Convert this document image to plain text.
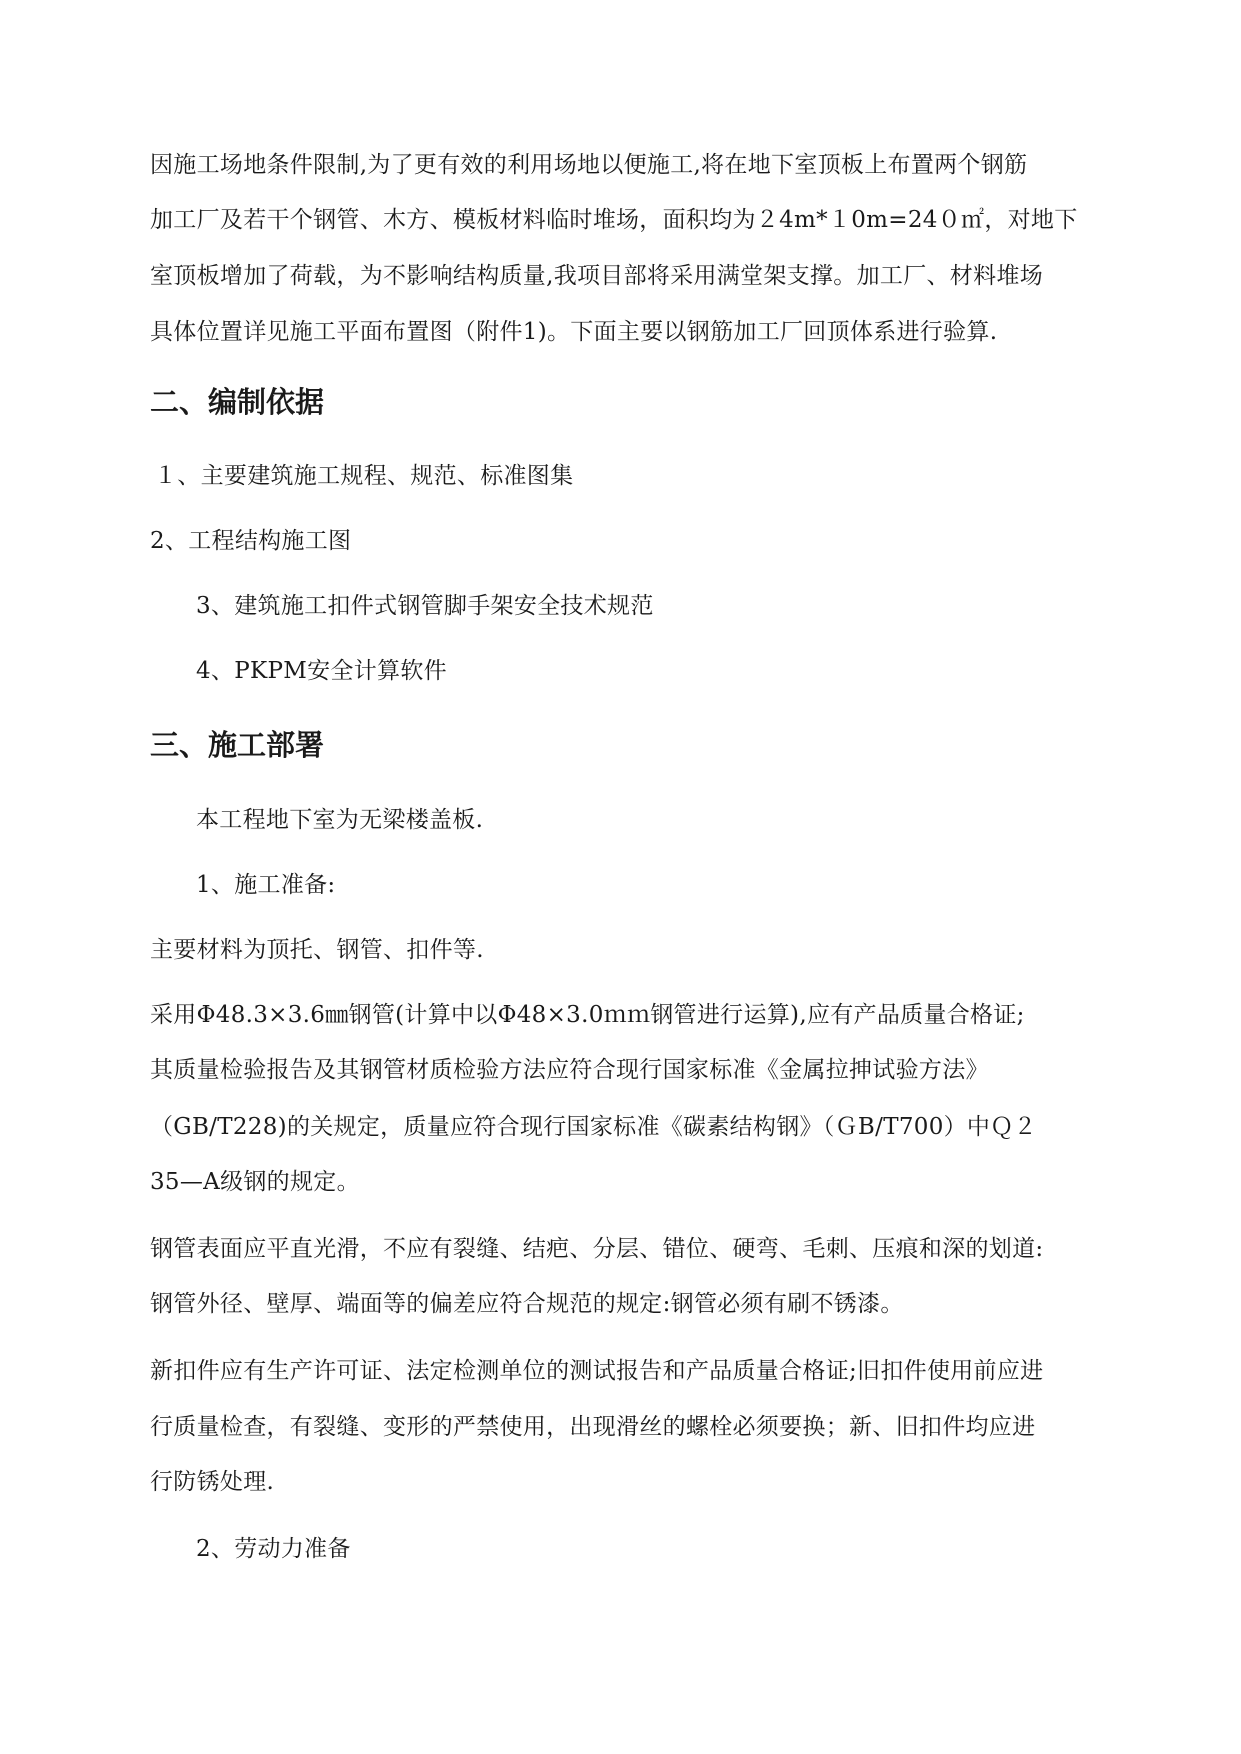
因施工场地条件限制,为了更有效的利用场地以便施工,将在地下室顶板上布置两个钢筋
加工厂及若干个钢管、木方、模板材料临时堆场，面积均为２4m*１0m=24０㎡，对地下
室顶板增加了荷载，为不影响结构质量,我项目部将采用满堂架支撑。加工厂、材料堆场
具体位置详见施工平面布置图（附件1)。下面主要以钢筋加工厂回顶体系进行验算.
二、编制依据
１、主要建筑施工规程、规范、标准图集
2、工程结构施工图
3、建筑施工扣件式钢管脚手架安全技术规范
4、PKPM安全计算软件
三、施工部署
本工程地下室为无梁楼盖板.
1、施工准备:
主要材料为顶托、钢管、扣件等.
采用Φ48.3×3.6㎜钢管(计算中以Φ48×3.0ｍｍ钢管进行运算),应有产品质量合格证;
其质量检验报告及其钢管材质检验方法应符合现行国家标准《金属拉抻试验方法》
（GB/T228)的关规定，质量应符合现行国家标准《碳素结构钢》（ＧB/T700）中Ｑ２
35—A级钢的规定。
钢管表面应平直光滑，不应有裂缝、结疤、分层、错位、硬弯、毛刺、压痕和深的划道:
钢管外径、壁厚、端面等的偏差应符合规范的规定:钢管必须有刷不锈漆。
新扣件应有生产许可证、法定检测单位的测试报告和产品质量合格证;旧扣件使用前应进
行质量检查，有裂缝、变形的严禁使用，出现滑丝的螺栓必须要换；新、旧扣件均应进
行防锈处理.
2、劳动力准备
